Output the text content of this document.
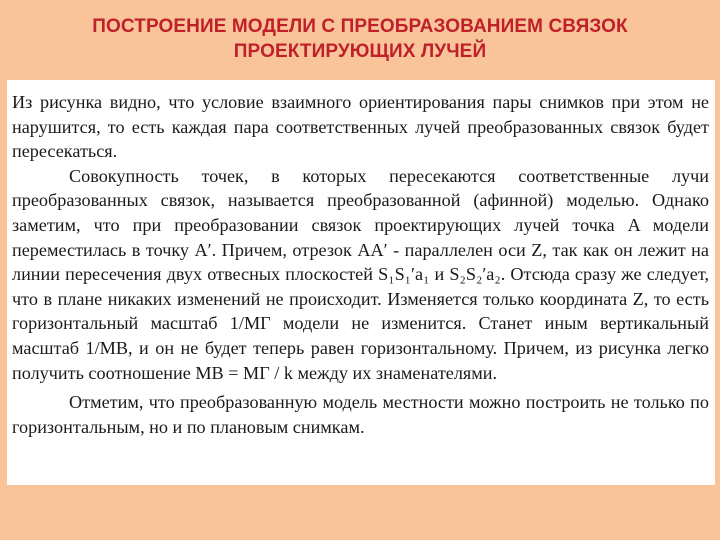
ПОСТРОЕНИЕ МОДЕЛИ С ПРЕОБРАЗОВАНИЕМ СВЯЗОК
ПРОЕКТИРУЮЩИХ ЛУЧЕЙ

Из рисунка видно, что условие взаимного ориентирования пары снимков при этом не нарушится, то есть каждая пара соответственных лучей преобразованных связок будет пересекаться.

Совокупность точек, в которых пересекаются соответственные лучи преобразованных связок, называется преобразованной (афинной) моделью. Однако заметим, что при преобразовании связок проектирующих лучей точка A модели переместилась в точку A′. Причем, отрезок AA′ - параллелен оси Z, так как он лежит на линии пересечения двух отвесных плоскостей S₁S₁′a₁ и S₂S₂′a₂. Отсюда сразу же следует, что в плане никаких изменений не происходит. Изменяется только координата Z, то есть горизонтальный масштаб 1/MГ модели не изменится. Станет иным вертикальный масштаб 1/MВ, и он не будет теперь равен горизонтальному. Причем, из рисунка легко получить соотношение MВ = MГ / k между их знаменателями.

Отметим, что преобразованную модель местности можно построить не только по горизонтальным, но и по плановым снимкам.
